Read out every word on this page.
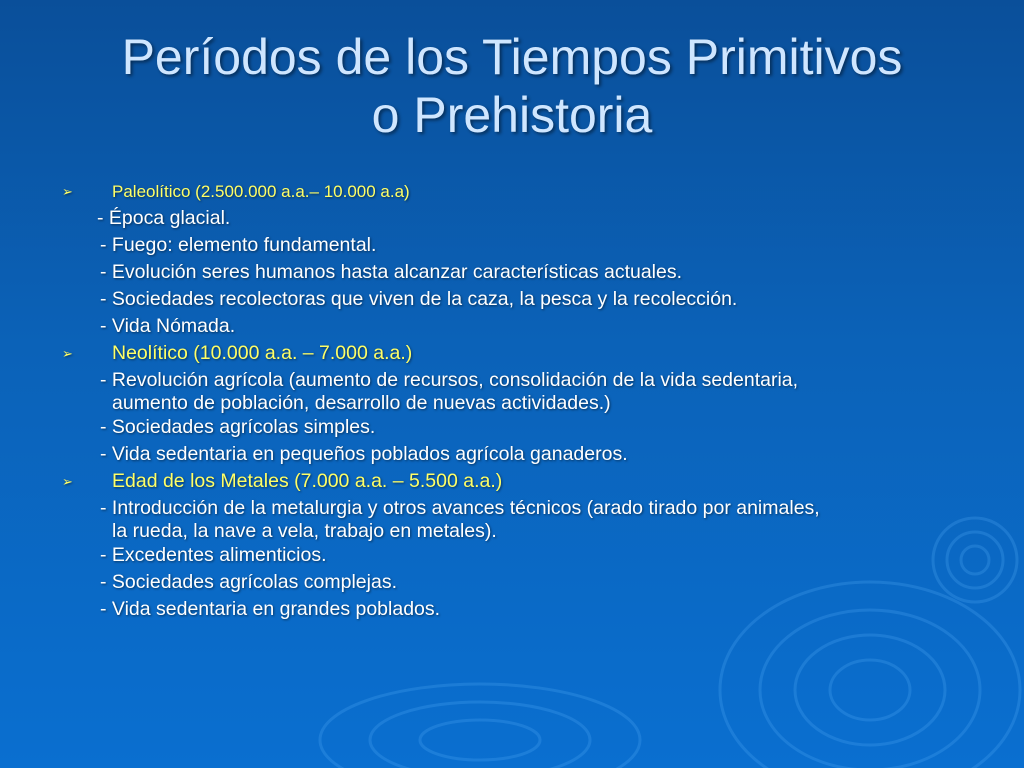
Períodos de los Tiempos Primitivos
o Prehistoria
➢ Paleolítico (2.500.000 a.a.– 10.000 a.a)
- Época glacial.
- Fuego: elemento fundamental.
- Evolución seres humanos hasta alcanzar características actuales.
- Sociedades recolectoras que viven de la caza, la pesca y la recolección.
- Vida Nómada.
➢ Neolítico (10.000 a.a. – 7.000 a.a.)
- Revolución agrícola (aumento de recursos, consolidación de la vida sedentaria,
aumento de población, desarrollo de nuevas actividades.)
- Sociedades agrícolas simples.
- Vida sedentaria en pequeños poblados agrícola ganaderos.
➢ Edad de los Metales (7.000 a.a. – 5.500 a.a.)
- Introducción de la metalurgia y otros avances técnicos (arado tirado por animales,
la rueda, la nave a vela, trabajo en metales).
- Excedentes alimenticios.
- Sociedades agrícolas complejas.
- Vida sedentaria en grandes poblados.
